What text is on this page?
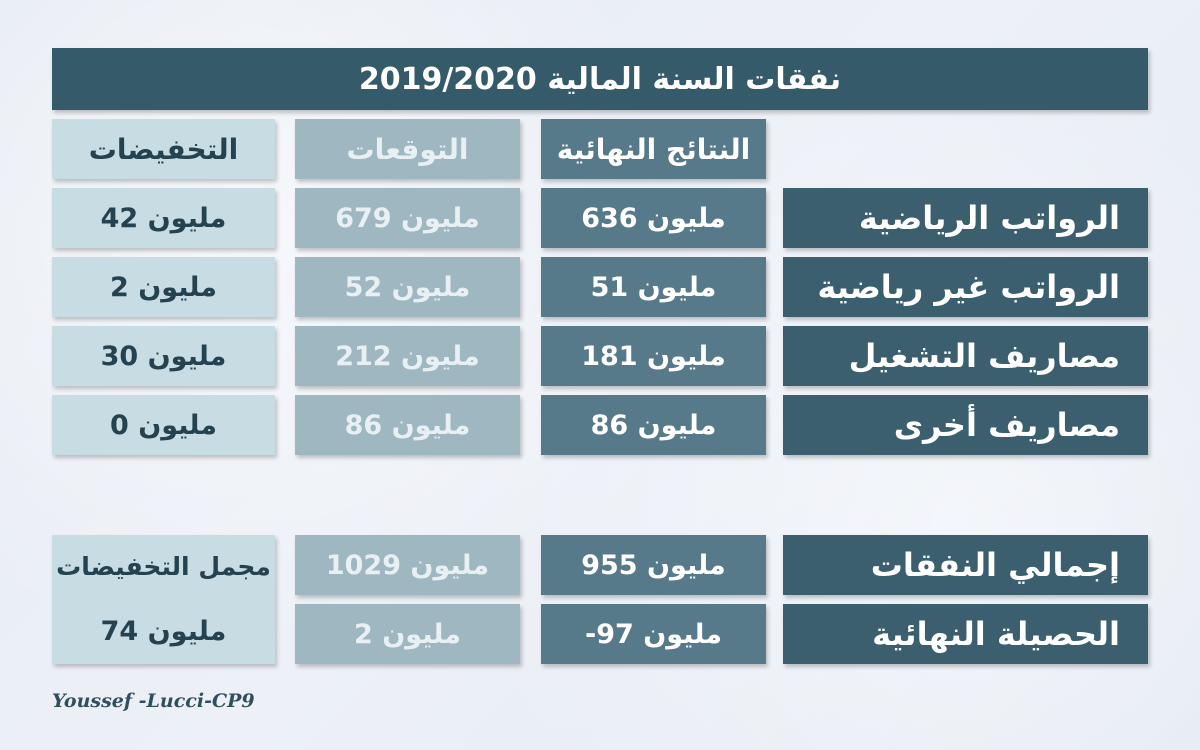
نفقات السنة المالية 2019/2020
النتائج النهائية
التوقعات
التخفيضات
الرواتب الرياضية
مليون 636
مليون 679
مليون 42
الرواتب غير رياضية
مليون 51
مليون 52
مليون 2
مصاريف التشغيل
مليون 181
مليون 212
مليون 30
مصاريف أخرى
مليون 86
مليون 86
مليون 0
إجمالي النفقات
مليون 955
مليون 1029
الحصيلة النهائية
مليون 97-
مليون 2
مجمل التخفيضات
مليون 74
Youssef -Lucci-CP9
